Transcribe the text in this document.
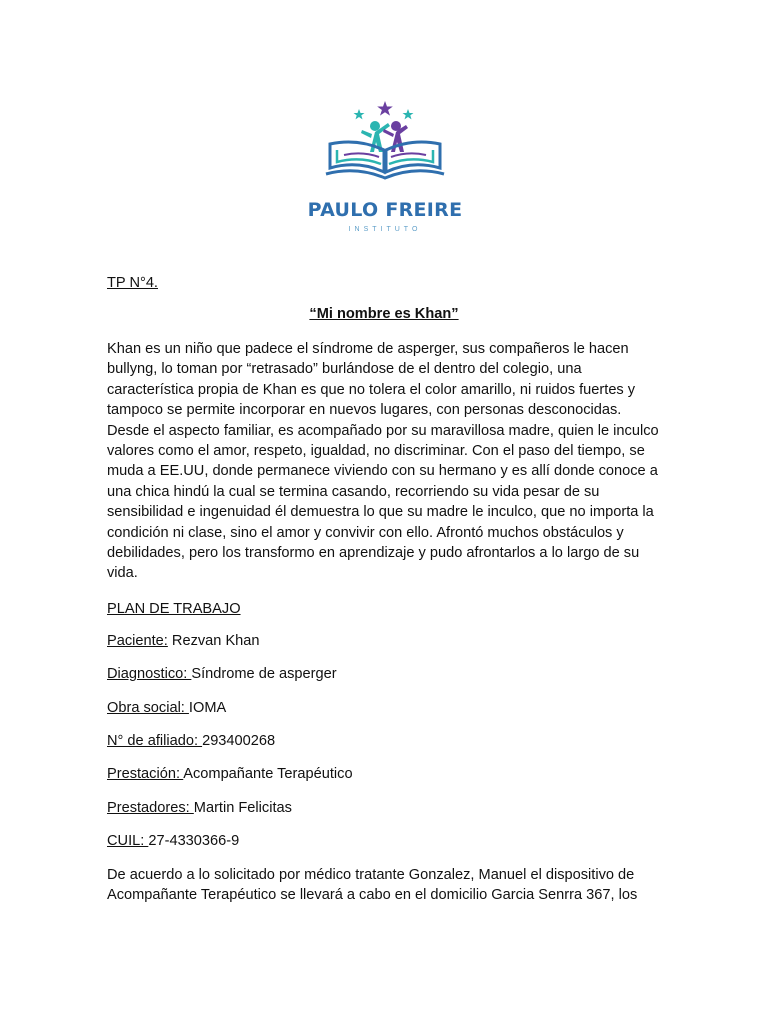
PAULO FREIRE
INSTITUTO
TP N°4.
“Mi nombre es Khan”
Khan es un niño que padece el síndrome de asperger, sus compañeros le hacen bullyng, lo toman por “retrasado” burlándose de el dentro del colegio, una característica propia de Khan es que no tolera el color amarillo, ni ruidos fuertes y tampoco se permite incorporar en nuevos lugares, con personas desconocidas. Desde el aspecto familiar, es acompañado por su maravillosa madre, quien le inculco valores como el amor, respeto, igualdad, no discriminar. Con el paso del tiempo, se muda a EE.UU, donde permanece viviendo con su hermano y es allí donde conoce a una chica hindú la cual se termina casando, recorriendo su vida pesar de su sensibilidad e ingenuidad él demuestra lo que su madre le inculco, que no importa la condición ni clase, sino el amor y convivir con ello. Afrontó muchos obstáculos y debilidades, pero los transformo en aprendizaje y pudo afrontarlos a lo largo de su vida.
PLAN DE TRABAJO
Paciente: Rezvan Khan
Diagnostico: Síndrome de asperger
Obra social: IOMA
N° de afiliado: 293400268
Prestación: Acompañante Terapéutico
Prestadores: Martin Felicitas
CUIL: 27-4330366-9
De acuerdo a lo solicitado por médico tratante Gonzalez, Manuel el dispositivo de Acompañante Terapéutico se llevará a cabo en el domicilio Garcia Senrra 367, los
